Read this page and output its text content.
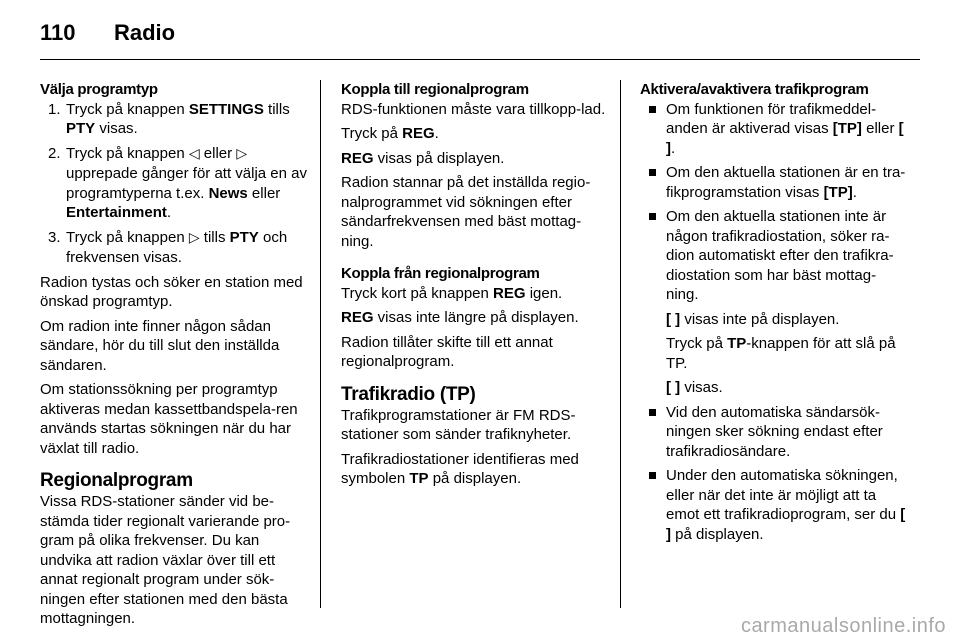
110 Radio
Välja programtyp
1. Tryck på knappen SETTINGS tills PTY visas.
2. Tryck på knappen ◁ eller ▷ upprepade gånger för att välja en av programtyperna t.ex. News eller Entertainment.
3. Tryck på knappen ▷ tills PTY och frekvensen visas.

Radion tystas och söker en station med önskad programtyp.

Om radion inte finner någon sådan sändare, hör du till slut den inställda sändaren.

Om stationssökning per programtyp aktiveras medan kassettbandspela-ren används startas sökningen när du har växlat till radio.

Regionalprogram

Vissa RDS-stationer sänder vid be-stämda tider regionalt varierande pro-gram på olika frekvenser. Du kan undvika att radion växlar över till ett annat regionalt program under sök-ningen efter stationen med den bästa mottagningen.

Koppla till regionalprogram

RDS-funktionen måste vara tillkopp-lad.

Tryck på REG.

REG visas på displayen.

Radion stannar på det inställda regio-nalprogrammet vid sökningen efter sändarfrekvensen med bäst mottag-ning.

Koppla från regionalprogram

Tryck kort på knappen REG igen.

REG visas inte längre på displayen.

Radion tillåter skifte till ett annat regionalprogram.

Trafikradio (TP)

Trafikprogramstationer är FM RDS-stationer som sänder trafiknyheter.

Trafikradiostationer identifieras med symbolen TP på displayen.

Aktivera/avaktivera trafikprogram
Om funktionen för trafikmeddel-anden är aktiverad visas [TP] eller [ ].
Om den aktuella stationen är en tra-fikprogramstation visas [TP].
Om den aktuella stationen inte är någon trafikradiostation, söker ra-dion automatiskt efter den trafikra-diostation som har bäst mottag-ning.

[ ] visas inte på displayen.

Tryck på TP-knappen för att slå på TP.

[ ] visas.

Vid den automatiska sändarsök-ningen sker sökning endast efter trafikradiosändare.
Under den automatiska sökningen, eller när det inte är möjligt att ta emot ett trafikradioprogram, ser du [ ] på displayen.
carmanualsonline.info
